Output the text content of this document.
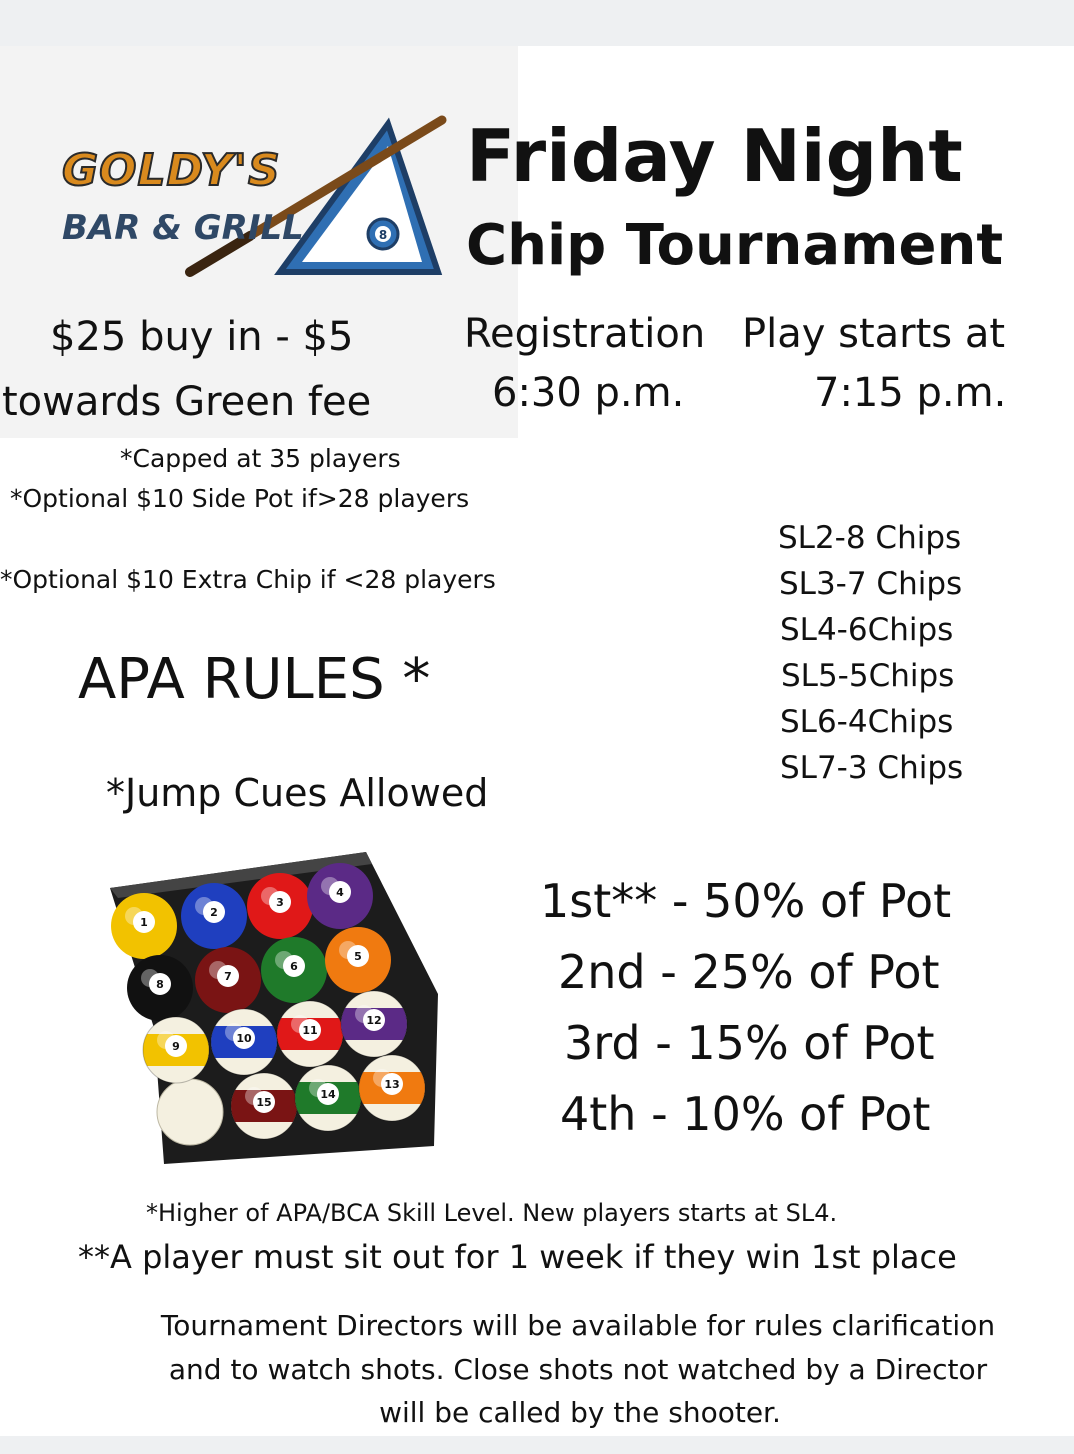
8
GOLDY'S
BAR & GRILL
Friday Night
Chip Tournament
$25 buy in - $5
towards Green fee
Registration
6:30 p.m.
Play starts at
7:15 p.m.
*Capped at 35 players
*Optional $10 Side Pot if>28 players
*Optional $10 Extra Chip if <28 players
SL2-8 Chips
SL3-7 Chips
SL4-6Chips
SL5-5Chips
SL6-4Chips
SL7-3 Chips
APA RULES *
*Jump Cues Allowed
1
2
3
4
8
7
6
5
9
10
11
12
15
14
13
1st** - 50% of Pot
2nd - 25% of Pot
3rd - 15% of Pot
4th - 10% of Pot
*Higher of APA/BCA Skill Level. New players starts at SL4.
**A player must sit out for 1 week if they win 1st place
Tournament Directors will be available for rules clarification
and to watch shots. Close shots not watched by a Director
will be called by the shooter.
